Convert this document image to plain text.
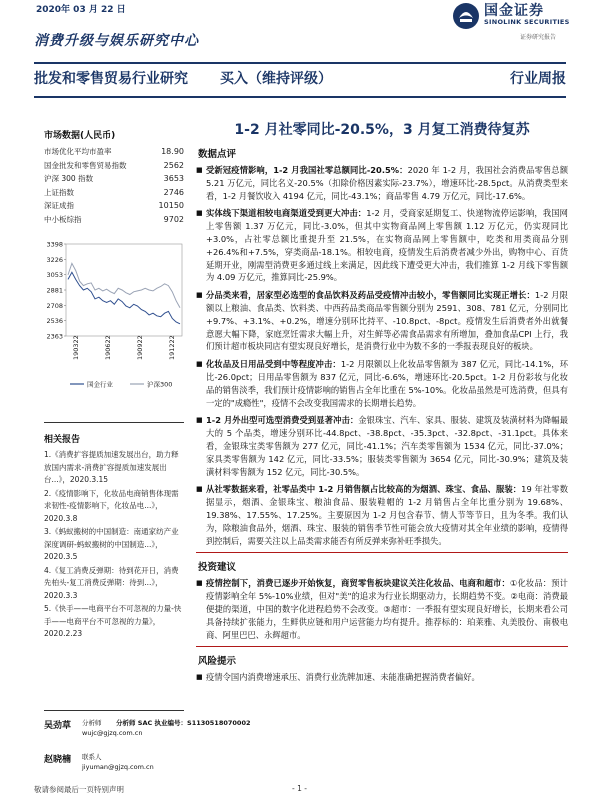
2020年 03 月 22 日
消费升级与娱乐研究中心
国金证券
SINOLINK SECURITIES
证券研究报告
批发和零售贸易行业研究 买入（维持评级）	行业周报
市场数据(人民币)
市场优化平均市盈率	18.90
国金批发和零售贸易指数	2562
沪深 300 指数	3653
上证指数	2746
深证成指	10150
中小板综指	9702
3398
3226
3053
2881
2708
2536
2363 190322	190622	190922	191222
国金行业	沪深300
相关报告
1.《消费扩容提质加速发展出台，助力释放国内需求-消费扩容提质加速发展出台...》，2020.3.15
2.《疫情影响下，化妆品电商销售体现需求韧性-疫情影响下，化妆品电...》，2020.3.8
3.《蚂蚁搬树的中国制造：南通家纺产业深度调研-蚂蚁搬树的中国制造...》，2020.3.5
4.《复工消费反弹期：待到花开日，消费先柏头-复工消费反弹期：待到...》，2020.3.3
5.《快手——电商平台不可忽视的力量-快手——电商平台不可忽视的力量》，2020.2.23
吴劲草 分析师 分析师 SAC 执业编号：S1130518070002
wujc@gjzq.com.cn
赵晓楠 联系人
jiyuman@gjzq.com.cn
1-2 月社零同比-20.5%，3 月复工消费待复苏
数据点评
■ 受新冠疫情影响，1-2 月我国社零总额同比-20.5%：2020 年 1-2 月，我国社会消费品零售总额 5.21 万亿元，同比名义-20.5%（扣除价格因素实际-23.7%），增速环比-28.5pct。从消费类型来看，1-2 月餐饮收入 4194 亿元，同比-43.1%；商品零售 4.79 万亿元，同比-17.6%。
■ 实体线下渠道相较电商渠道受到更大冲击：1-2 月，受商家延期复工、快递物流停运影响，我国网上零售额 1.37 万亿元，同比-3.0%，但其中实物商品网上零售额 1.12 万亿元，仍实现同比+3.0%，占社零总额比重提升至 21.5%，在实物商品网上零售额中，吃类和用类商品分别+26.4%和+7.5%，穿类商品-18.1%。相较电商，疫情发生后消费者减少外出，购物中心、百货延期开业，刚需型消费更多通过线上来满足，因此线下遭受更大冲击，我们推算 1-2 月线下零售额为 4.09 万亿元，推算同比-25.9%。
■ 分品类来看，居家型必选型的食品饮料及药品受疫情冲击较小，零售额同比实现正增长：1-2 月限额以上粮油、食品类、饮料类、中西药品类商品零售额分别为 2591、308、781 亿元，分别同比+9.7%、+3.1%、+0.2%，增速分别环比持平、-10.8pct、-8pct。疫情发生后消费者外出就餐意愿大幅下降，家庭烹饪需求大幅上升，对生鲜等必需食品需求有所增加，叠加食品CPI 上行，我们预计超市板块同店有望实现良好增长，是消费行业中为数不多的一季报表现良好的板块。
■ 化妆品及日用品受到中等程度冲击：1-2 月限额以上化妆品零售额为 387 亿元，同比-14.1%，环比-26.0pct；日用品零售额为 837 亿元，同比-6.6%，增速环比-20.5pct。1-2 月份彩妆与化妆品的销售淡季，我们预计疫情影响的销售占全年比重在 5%-10%。化妆品虽然是可选消费，但具有一定的"成瘾性"，疫情不会改变我国需求的长期增长趋势。
■ 1-2 月外出型可选型消费受到显著冲击：金银珠宝、汽车、家具、服装、建筑及装潢材料为降幅最大的 5 个品类，增速分别环比-44.8pct、-38.8pct、-35.3pct、-32.8pct、-31.1pct。具体来看，金银珠宝类零售额为 277 亿元，同比-41.1%；汽车类零售额为 1534 亿元，同比-37.0%；家具类零售额为 142 亿元，同比-33.5%；服装类零售额为 3654 亿元，同比-30.9%；建筑及装潢材料零售额为 152 亿元，同比-30.5%。
■ 从社零数据来看，社零品类中 1-2 月销售额占比较高的为烟酒、珠宝、食品、服装：19 年社零数据显示，烟酒、金银珠宝、粮油食品、服装鞋帽的 1-2 月销售占全年比重分别为 19.68%、19.38%、17.55%、17.25%。主要原因为 1-2 月包含春节、情人节等节日，且为冬季。我们认为，除粮油食品外，烟酒、珠宝、服装的销售季节性可能会放大疫情对其全年业绩的影响，疫情得到控制后，需要关注以上品类需求能否有所反弹来弥补旺季损失。
投资建议
■ 疫情控制下，消费已逐步开始恢复，商贸零售板块建议关注化妆品、电商和超市：①化妆品：预计疫情影响全年 5%-10%业绩，但对"美"的追求为行业长期驱动力，长期趋势不变。②电商：消费最便捷的渠道，中国的数字化进程趋势不会改变。③超市：一季报有望实现良好增长，长期来看公司具备持续扩张能力，生鲜供应链和用户运营能力均有提升。推荐标的：珀莱雅、丸美股份、南极电商、阿里巴巴、永辉超市。
风险提示
■ 疫情令国内消费增速承压、消费行业洗牌加速、未能准确把握消费者偏好。
敬请参阅最后一页特别声明	- 1 -
